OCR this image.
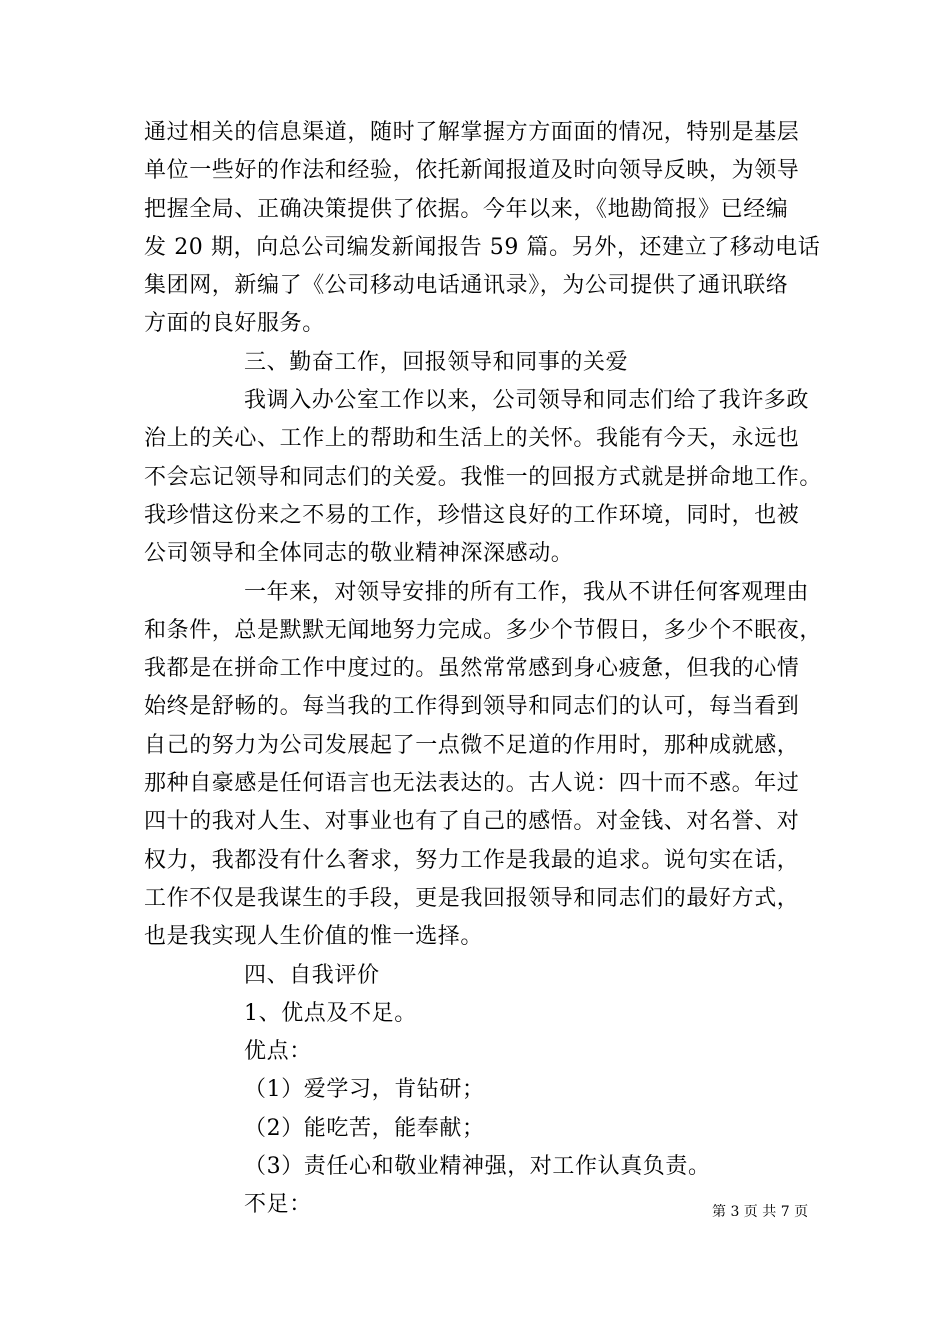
通过相关的信息渠道，随时了解掌握方方面面的情况，特别是基层
单位一些好的作法和经验，依托新闻报道及时向领导反映，为领导
把握全局、正确决策提供了依据。今年以来，《地勘简报》已经编
发 20 期，向总公司编发新闻报告 59 篇。另外，还建立了移动电话
集团网，新编了《公司移动电话通讯录》，为公司提供了通讯联络
方面的良好服务。
三、勤奋工作，回报领导和同事的关爱
我调入办公室工作以来，公司领导和同志们给了我许多政
治上的关心、工作上的帮助和生活上的关怀。我能有今天，永远也
不会忘记领导和同志们的关爱。我惟一的回报方式就是拼命地工作。
我珍惜这份来之不易的工作，珍惜这良好的工作环境，同时，也被
公司领导和全体同志的敬业精神深深感动。
一年来，对领导安排的所有工作，我从不讲任何客观理由
和条件，总是默默无闻地努力完成。多少个节假日，多少个不眠夜，
我都是在拼命工作中度过的。虽然常常感到身心疲惫，但我的心情
始终是舒畅的。每当我的工作得到领导和同志们的认可，每当看到
自己的努力为公司发展起了一点微不足道的作用时，那种成就感，
那种自豪感是任何语言也无法表达的。古人说：四十而不惑。年过
四十的我对人生、对事业也有了自己的感悟。对金钱、对名誉、对
权力，我都没有什么奢求，努力工作是我最的追求。说句实在话，
工作不仅是我谋生的手段，更是我回报领导和同志们的最好方式，
也是我实现人生价值的惟一选择。
四、自我评价
1、优点及不足。
优点：
（1）爱学习，肯钻研；
（2）能吃苦，能奉献；
（3）责任心和敬业精神强，对工作认真负责。
不足：	第 3 页 共 7 页
